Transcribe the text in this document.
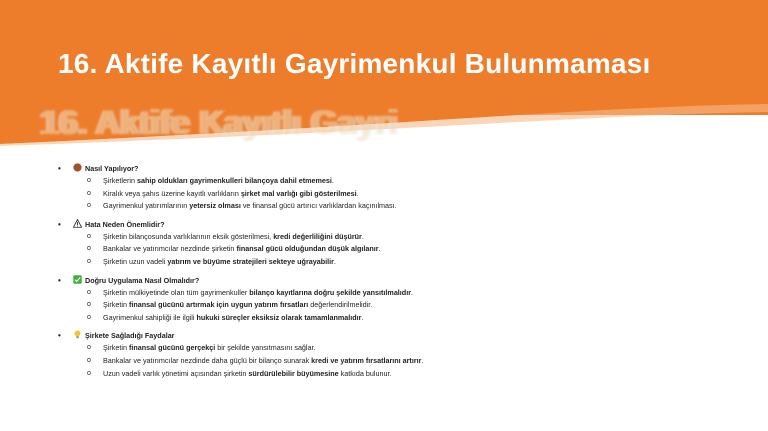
16. Aktife Kayıtlı Gayrimenkul Bulunmaması
16. Aktife Kayıtlı Gayri
•	Nasıl Yapılıyor?
o Şirketlerin sahip oldukları gayrimenkulleri bilançoya dahil etmemesi.
o Kiralık veya şahıs üzerine kayıtlı varlıkların şirket mal varlığı gibi gösterilmesi.
o Gayrimenkul yatırımlarının yetersiz olması ve finansal gücü artırıcı varlıklardan kaçınılması.
•	Hata Neden Önemlidir?
o Şirketin bilançosunda varlıklarının eksik gösterilmesi, kredi değerliliğini düşürür.
o Bankalar ve yatırımcılar nezdinde şirketin finansal gücü olduğundan düşük algılanır.
o Şirketin uzun vadeli yatırım ve büyüme stratejileri sekteye uğrayabilir.
•	Doğru Uygulama Nasıl Olmalıdır?
o Şirketin mülkiyetinde olan tüm gayrimenkuller bilanço kayıtlarına doğru şekilde yansıtılmalıdır.
o Şirketin finansal gücünü artırmak için uygun yatırım fırsatları değerlendirilmelidir.
o Gayrimenkul sahipliği ile ilgili hukuki süreçler eksiksiz olarak tamamlanmalıdır.
•	Şirkete Sağladığı Faydalar
o Şirketin finansal gücünü gerçekçi bir şekilde yansıtmasını sağlar.
o Bankalar ve yatırımcılar nezdinde daha güçlü bir bilanço sunarak kredi ve yatırım fırsatlarını artırır.
o Uzun vadeli varlık yönetimi açısından şirketin sürdürülebilir büyümesine katkıda bulunur.
